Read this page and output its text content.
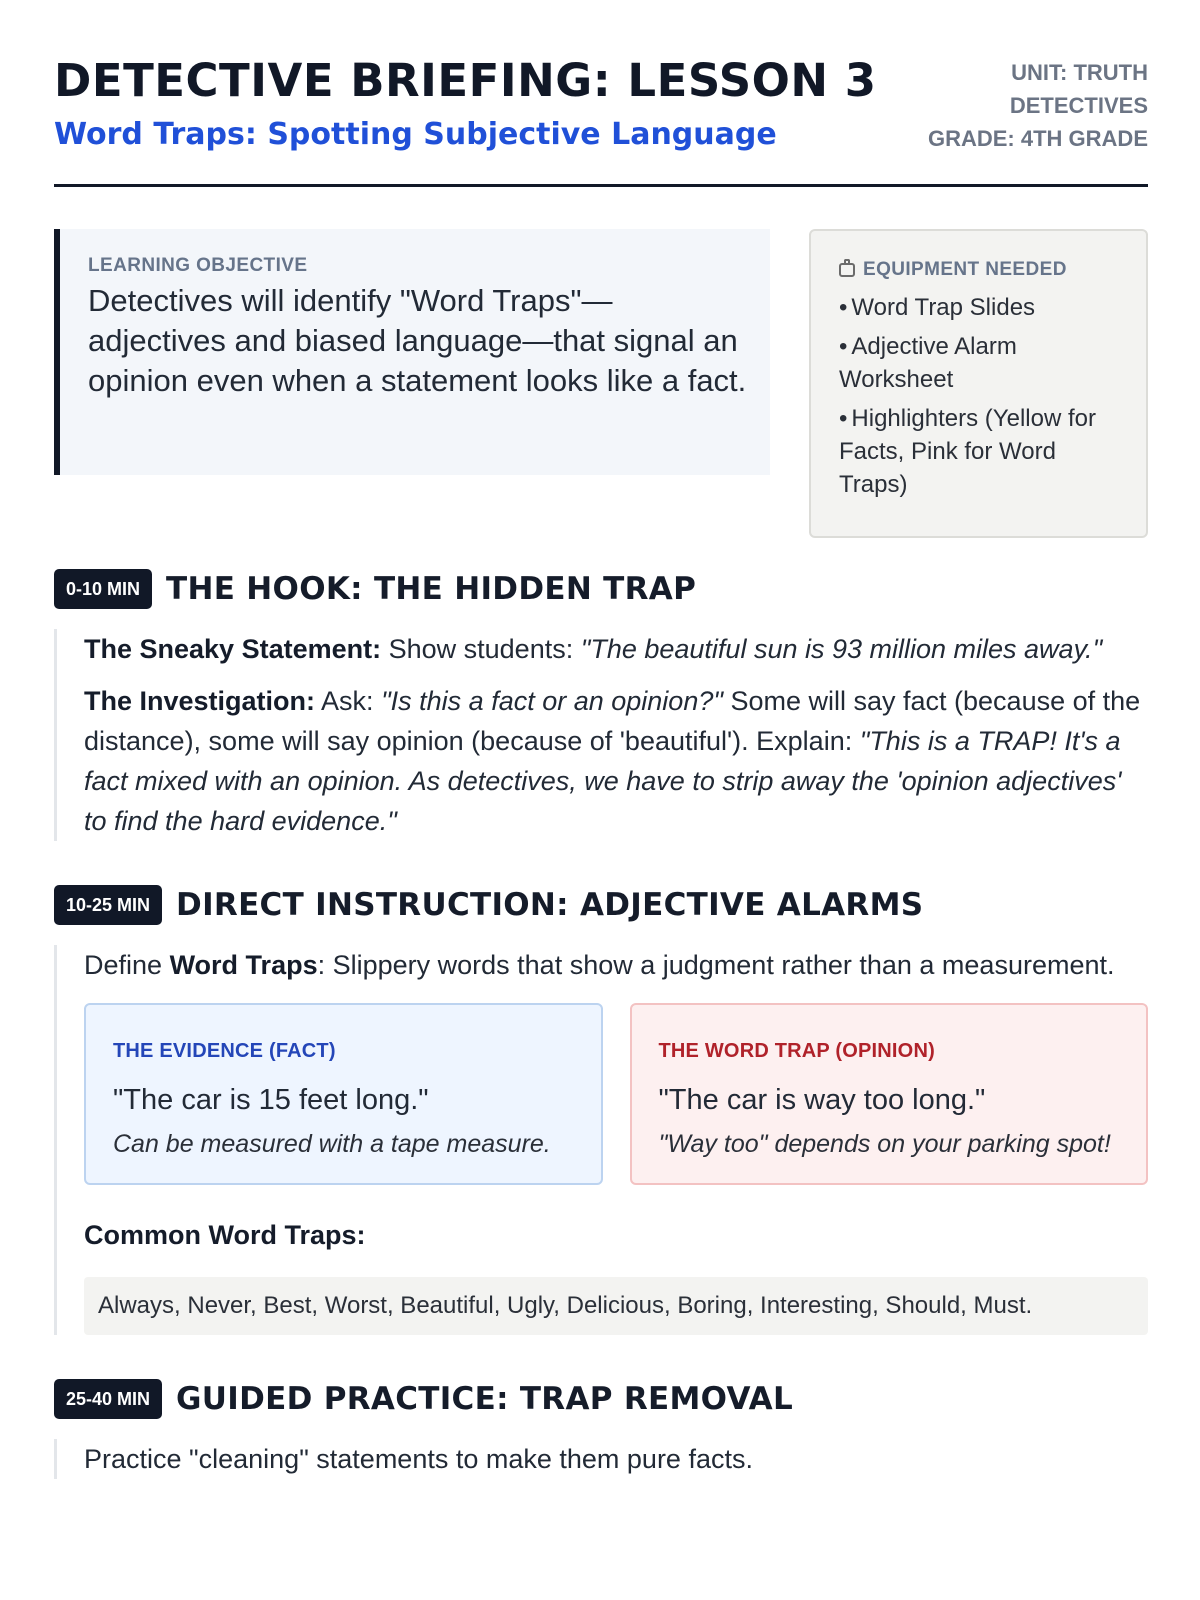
DETECTIVE BRIEFING: LESSON 3
Word Traps: Spotting Subjective Language
UNIT: TRUTH DETECTIVES
GRADE: 4TH GRADE
LEARNING OBJECTIVE
Detectives will identify "Word Traps"—adjectives and biased language—that signal an opinion even when a statement looks like a fact.
EQUIPMENT NEEDED
• Word Trap Slides
• Adjective Alarm Worksheet
• Highlighters (Yellow for Facts, Pink for Word Traps)
0-10 MIN THE HOOK: THE HIDDEN TRAP

The Sneaky Statement: Show students: "The beautiful sun is 93 million miles away."

The Investigation: Ask: "Is this a fact or an opinion?" Some will say fact (because of the distance), some will say opinion (because of 'beautiful'). Explain: "This is a TRAP! It's a fact mixed with an opinion. As detectives, we have to strip away the 'opinion adjectives' to find the hard evidence."

10-25 MIN DIRECT INSTRUCTION: ADJECTIVE ALARMS

Define Word Traps: Slippery words that show a judgment rather than a measurement.

THE EVIDENCE (FACT)
"The car is 15 feet long."
Can be measured with a tape measure.
THE WORD TRAP (OPINION)
"The car is way too long."
"Way too" depends on your parking spot!
Common Word Traps:
Always, Never, Best, Worst, Beautiful, Ugly, Delicious, Boring, Interesting, Should, Must.
25-40 MIN GUIDED PRACTICE: TRAP REMOVAL

Practice "cleaning" statements to make them pure facts.
